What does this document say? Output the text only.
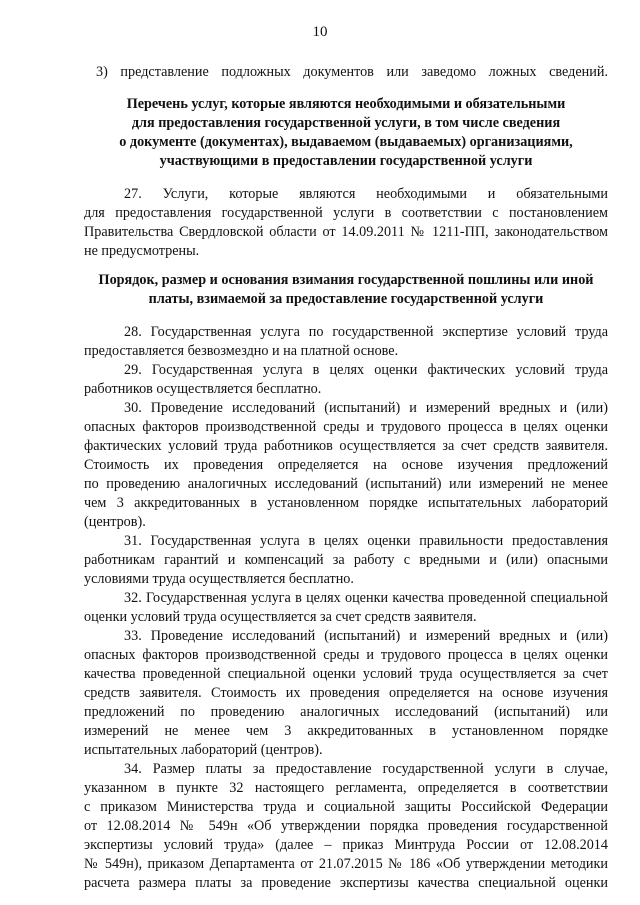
10
3) представление подложных документов или заведомо ложных сведений.
Перечень услуг, которые являются необходимыми и обязательными
для предоставления государственной услуги, в том числе сведения
о документе (документах), выдаваемом (выдаваемых) организациями,
участвующими в предоставлении государственной услуги
27. Услуги, которые являются необходимыми и обязательными
для предоставления государственной услуги в соответствии с постановлением
Правительства Свердловской области от 14.09.2011 № 1211-ПП, законодательством
не предусмотрены.
Порядок, размер и основания взимания государственной пошлины или иной
платы, взимаемой за предоставление государственной услуги
28. Государственная услуга по государственной экспертизе условий труда
предоставляется безвозмездно и на платной основе.
29. Государственная услуга в целях оценки фактических условий труда
работников осуществляется бесплатно.
30. Проведение исследований (испытаний) и измерений вредных и (или)
опасных факторов производственной среды и трудового процесса в целях оценки
фактических условий труда работников осуществляется за счет средств заявителя.
Стоимость их проведения определяется на основе изучения предложений
по проведению аналогичных исследований (испытаний) или измерений не менее
чем 3 аккредитованных в установленном порядке испытательных лабораторий
(центров).
31. Государственная услуга в целях оценки правильности предоставления
работникам гарантий и компенсаций за работу с вредными и (или) опасными
условиями труда осуществляется бесплатно.
32. Государственная услуга в целях оценки качества проведенной специальной
оценки условий труда осуществляется за счет средств заявителя.
33. Проведение исследований (испытаний) и измерений вредных и (или)
опасных факторов производственной среды и трудового процесса в целях оценки
качества проведенной специальной оценки условий труда осуществляется за счет
средств заявителя. Стоимость их проведения определяется на основе изучения
предложений по проведению аналогичных исследований (испытаний) или
измерений не менее чем 3 аккредитованных в установленном порядке
испытательных лабораторий (центров).
34. Размер платы за предоставление государственной услуги в случае,
указанном в пункте 32 настоящего регламента, определяется в соответствии
с приказом Министерства труда и социальной защиты Российской Федерации
от 12.08.2014 № 549н «Об утверждении порядка проведения государственной
экспертизы условий труда» (далее – приказ Минтруда России от 12.08.2014
№ 549н), приказом Департамента от 21.07.2015 № 186 «Об утверждении методики
расчета размера платы за проведение экспертизы качества специальной оценки
